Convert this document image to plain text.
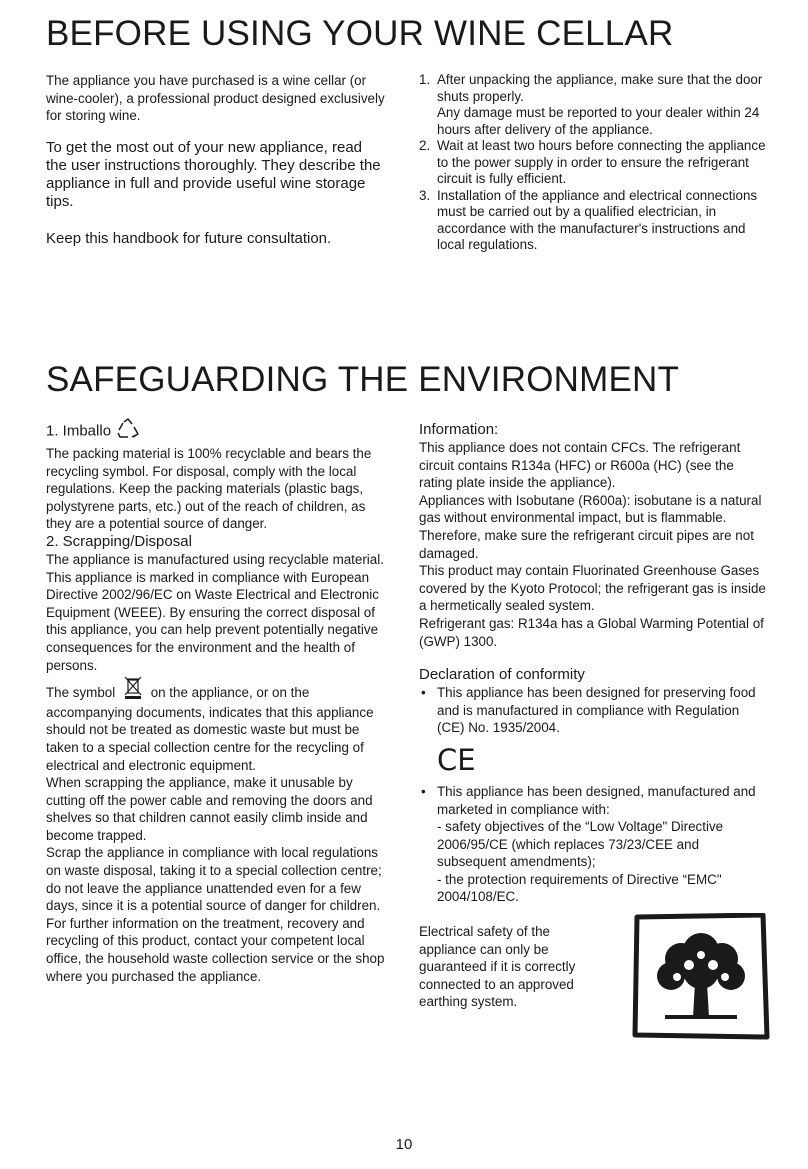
BEFORE USING YOUR WINE CELLAR

The appliance you have purchased is a wine cellar (or wine-cooler), a professional product designed exclusively for storing wine.

To get the most out of your new appliance, read the user instructions thoroughly. They describe the appliance in full and provide useful wine storage tips.

Keep this handbook for future consultation.

1. After unpacking the appliance, make sure that the door shuts properly.
Any damage must be reported to your dealer within 24 hours after delivery of the appliance.
2. Wait at least two hours before connecting the appliance to the power supply in order to ensure the refrigerant circuit is fully efficient.
3. Installation of the appliance and electrical connections must be carried out by a qualified electrician, in accordance with the manufacturer's instructions and local regulations.
SAFEGUARDING THE ENVIRONMENT

1. Imballo

The packing material is 100% recyclable and bears the recycling symbol. For disposal, comply with the local regulations. Keep the packing materials (plastic bags, polystyrene parts, etc.) out of the reach of children, as they are a potential source of danger.

2. Scrapping/Disposal

The appliance is manufactured using recyclable material.

This appliance is marked in compliance with European Directive 2002/96/EC on Waste Electrical and Electronic Equipment (WEEE). By ensuring the correct disposal of this appliance, you can help prevent potentially negative consequences for the environment and the health of persons.

The symbol	on the appliance, or on the accompanying documents, indicates that this appliance should not be treated as domestic waste but must be taken to a special collection centre for the recycling of electrical and electronic equipment.

When scrapping the appliance, make it unusable by cutting off the power cable and removing the doors and shelves so that children cannot easily climb inside and become trapped.

Scrap the appliance in compliance with local regulations on waste disposal, taking it to a special collection centre; do not leave the appliance unattended even for a few days, since it is a potential source of danger for children.

For further information on the treatment, recovery and recycling of this product, contact your competent local office, the household waste collection service or the shop where you purchased the appliance.

Information:

This appliance does not contain CFCs. The refrigerant circuit contains R134a (HFC) or R600a (HC) (see the rating plate inside the appliance).

Appliances with Isobutane (R600a): isobutane is a natural gas without environmental impact, but is flammable. Therefore, make sure the refrigerant circuit pipes are not damaged.

This product may contain Fluorinated Greenhouse Gases covered by the Kyoto Protocol; the refrigerant gas is inside a hermetically sealed system.

Refrigerant gas: R134a has a Global Warming Potential of (GWP) 1300.

Declaration of conformity

• This appliance has been designed for preserving food and is manufactured in compliance with Regulation (CE) No. 1935/2004.
CE
• This appliance has been designed, manufactured and marketed in compliance with:
- safety objectives of the “Low Voltage" Directive 2006/95/CE (which replaces 73/23/CEE and subsequent amendments);
- the protection requirements of Directive “EMC" 2004/108/EC.

Electrical safety of the appliance can only be guaranteed if it is correctly connected to an approved earthing system.

10
